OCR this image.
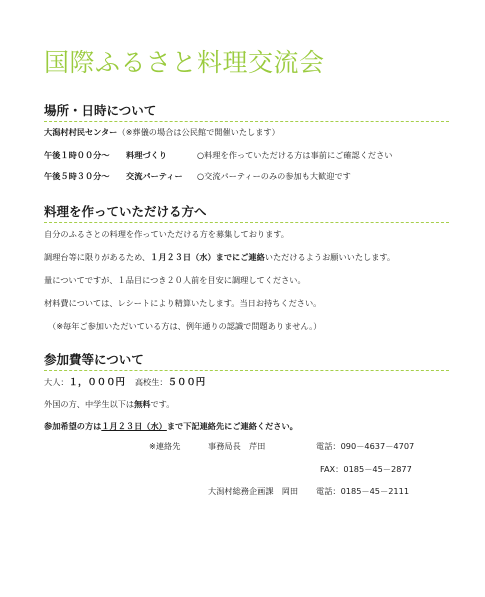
国際ふるさと料理交流会
場所・日時について
大潟村村民センター（※葬儀の場合は公民館で開催いたします）
午後１時００分～ 料理づくり	○料理を作っていただける方は事前にご確認ください
午後５時３０分～ 交流パーティー ○交流パーティーのみの参加も大歓迎です
料理を作っていただける方へ
自分のふるさとの料理を作っていただける方を募集しております。
調理台等に限りがあるため、１月２３日（水）までにご連絡いただけるようお願いいたします。
量についてですが、１品目につき２０人前を目安に調理してください。
材料費については、レシートにより精算いたします。当日お持ちください。
（※毎年ご参加いただいている方は、例年通りの認識で問題ありません。）
参加費等について
大人：１，０００円 高校生：５００円
外国の方、中学生以下は無料です。
参加希望の方は１月２３日（水）まで下記連絡先にご連絡ください。
※連絡先	事務局長　芹田	電話：090－4637－4707
FAX：0185－45－2877
大潟村総務企画課　岡田 電話：0185－45－2111
